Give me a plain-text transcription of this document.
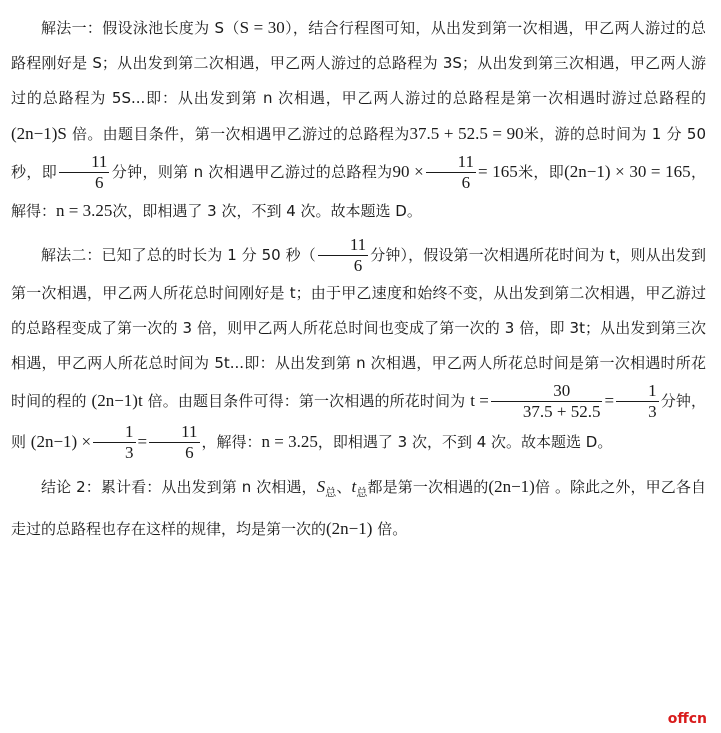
解法一：假设泳池长度为 S（S = 30），结合行程图可知，从出发到第一次相遇，甲乙两人游过的总路程刚好是 S；从出发到第二次相遇，甲乙两人游过的总路程为 3S；从出发到第三次相遇，甲乙两人游过的总路程为 5S...即：从出发到第 n 次相遇，甲乙两人游过的总路程是第一次相遇时游过总路程的 (2n−1)S 倍。由题目条件，第一次相遇甲乙游过的总路程为37.5 + 52.5 = 90米，游的总时间为 1 分 50 秒，即 $\frac{11}{6}$ 分钟，则第 n 次相遇甲乙游过的总路程为$90 \times \frac{11}{6} = 165$米，即(2n−1) × 30 = 165，解得：n = 3.25次，即相遇了 3 次，不到 4 次。故本题选 D。

解法二：已知了总的时长为 1 分 50 秒（ $\frac{11}{6}$ 分钟），假设第一次相遇所花时间为 t，则从出发到第一次相遇，甲乙两人所花总时间刚好是 t；由于甲乙速度和始终不变，从出发到第二次相遇，甲乙游过的总路程变成了第一次的 3 倍，则甲乙两人所花总时间也变成了第一次的 3 倍，即 3t；从出发到第三次相遇，甲乙两人所花总时间为 5t...即：从出发到第 n 次相遇，甲乙两人所花总时间是第一次相遇时所花时间的程的 (2n−1)t 倍。由题目条件可得：第一次相遇的所花时间为 $t = \frac{30}{37.5 + 52.5} = \frac{1}{3}$ 分钟，则 $(2n-1) \times \frac{1}{3} = \frac{11}{6}$ ，解得：n = 3.25，即相遇了 3 次，不到 4 次。故本题选 D。

结论 2：累计看：从出发到第 n 次相遇，$S_总$、$t_总$都是第一次相遇的(2n−1)倍 。除此之外，甲乙各自走过的总路程也存在这样的规律，均是第一次的(2n−1) 倍。

offcn
